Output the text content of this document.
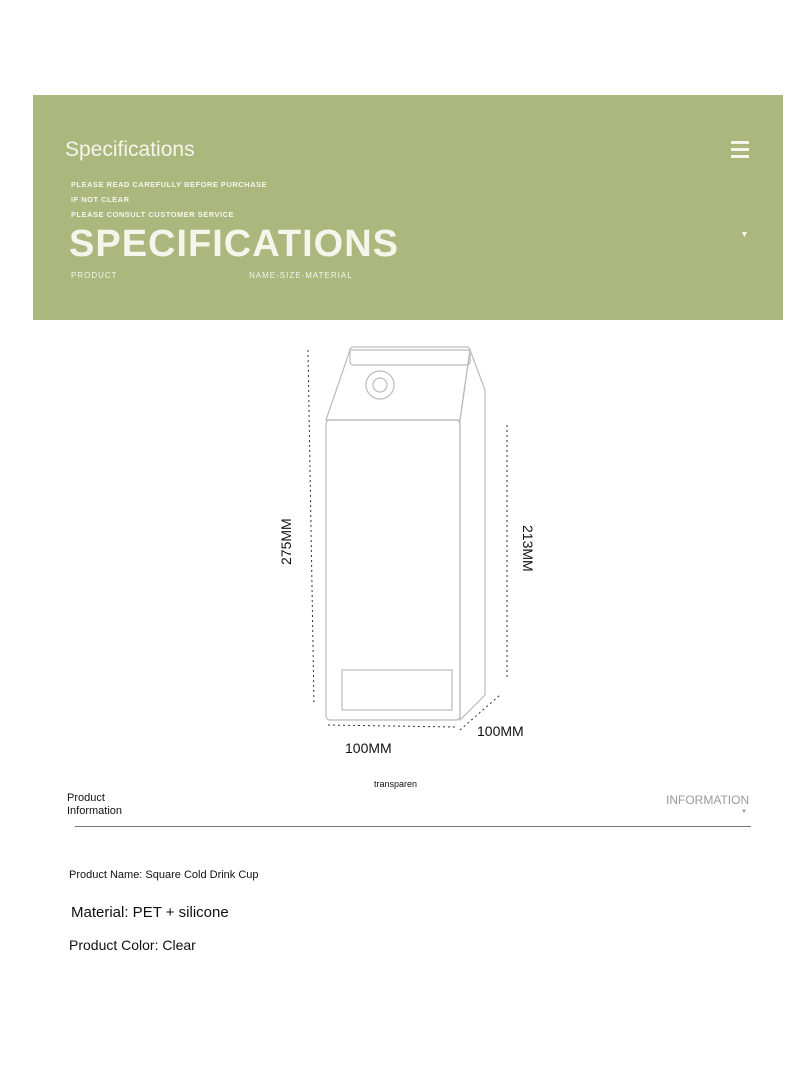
Specifications
PLEASE READ CAREFULLY BEFORE PURCHASE
IF NOT CLEAR
PLEASE CONSULT CUSTOMER SERVICE
SPECIFICATIONS
PRODUCT	NAME-SIZE-MATERIAL
▼
275MM	213MM
100MM
100MM
transparen
Product
Information
INFORMATION
▼
Product Name: Square Cold Drink Cup
Material: PET + silicone
Product Color: Clear
